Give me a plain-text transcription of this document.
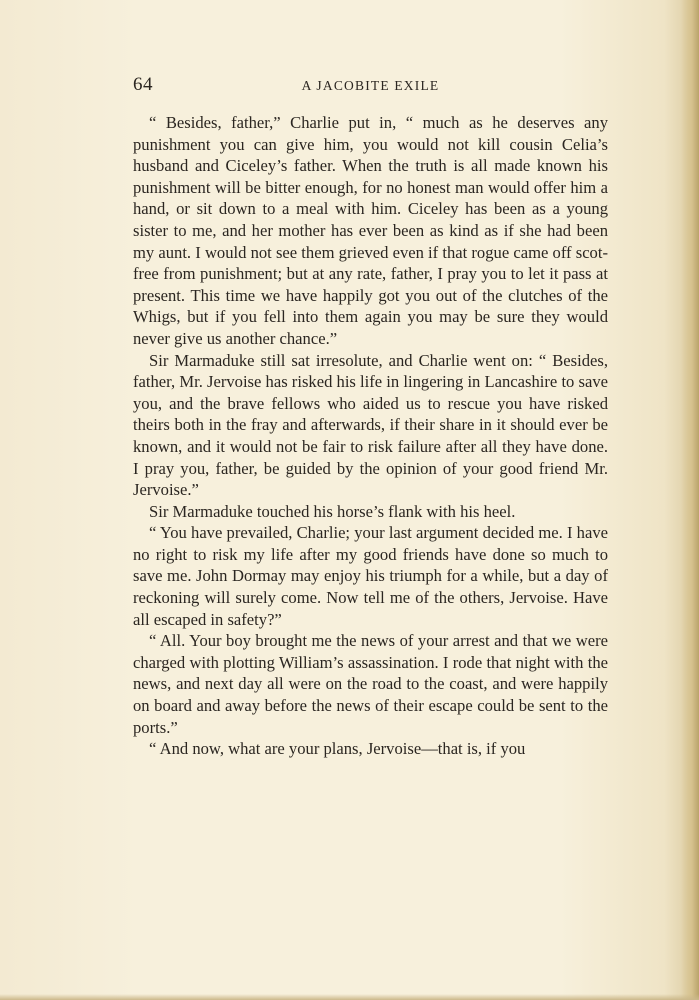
64	A JACOBITE EXILE

“ Besides, father,” Charlie put in, “ much as he deserves any punishment you can give him, you would not kill cousin Celia’s husband and Ciceley’s father. When the truth is all made known his punishment will be bitter enough, for no honest man would offer him a hand, or sit down to a meal with him. Ciceley has been as a young sister to me, and her mother has ever been as kind as if she had been my aunt. I would not see them grieved even if that rogue came off scot-free from punishment; but at any rate, father, I pray you to let it pass at present. This time we have happily got you out of the clutches of the Whigs, but if you fell into them again you may be sure they would never give us another chance.”

Sir Marmaduke still sat irresolute, and Charlie went on: “ Besides, father, Mr. Jervoise has risked his life in lingering in Lancashire to save you, and the brave fellows who aided us to rescue you have risked theirs both in the fray and afterwards, if their share in it should ever be known, and it would not be fair to risk failure after all they have done. I pray you, father, be guided by the opinion of your good friend Mr. Jervoise.”

Sir Marmaduke touched his horse’s flank with his heel.

“ You have prevailed, Charlie; your last argument decided me. I have no right to risk my life after my good friends have done so much to save me. John Dormay may enjoy his triumph for a while, but a day of reckoning will surely come. Now tell me of the others, Jervoise. Have all escaped in safety?”

“ All. Your boy brought me the news of your arrest and that we were charged with plotting William’s assassination. I rode that night with the news, and next day all were on the road to the coast, and were happily on board and away before the news of their escape could be sent to the ports.”

“ And now, what are your plans, Jervoise—that is, if you
